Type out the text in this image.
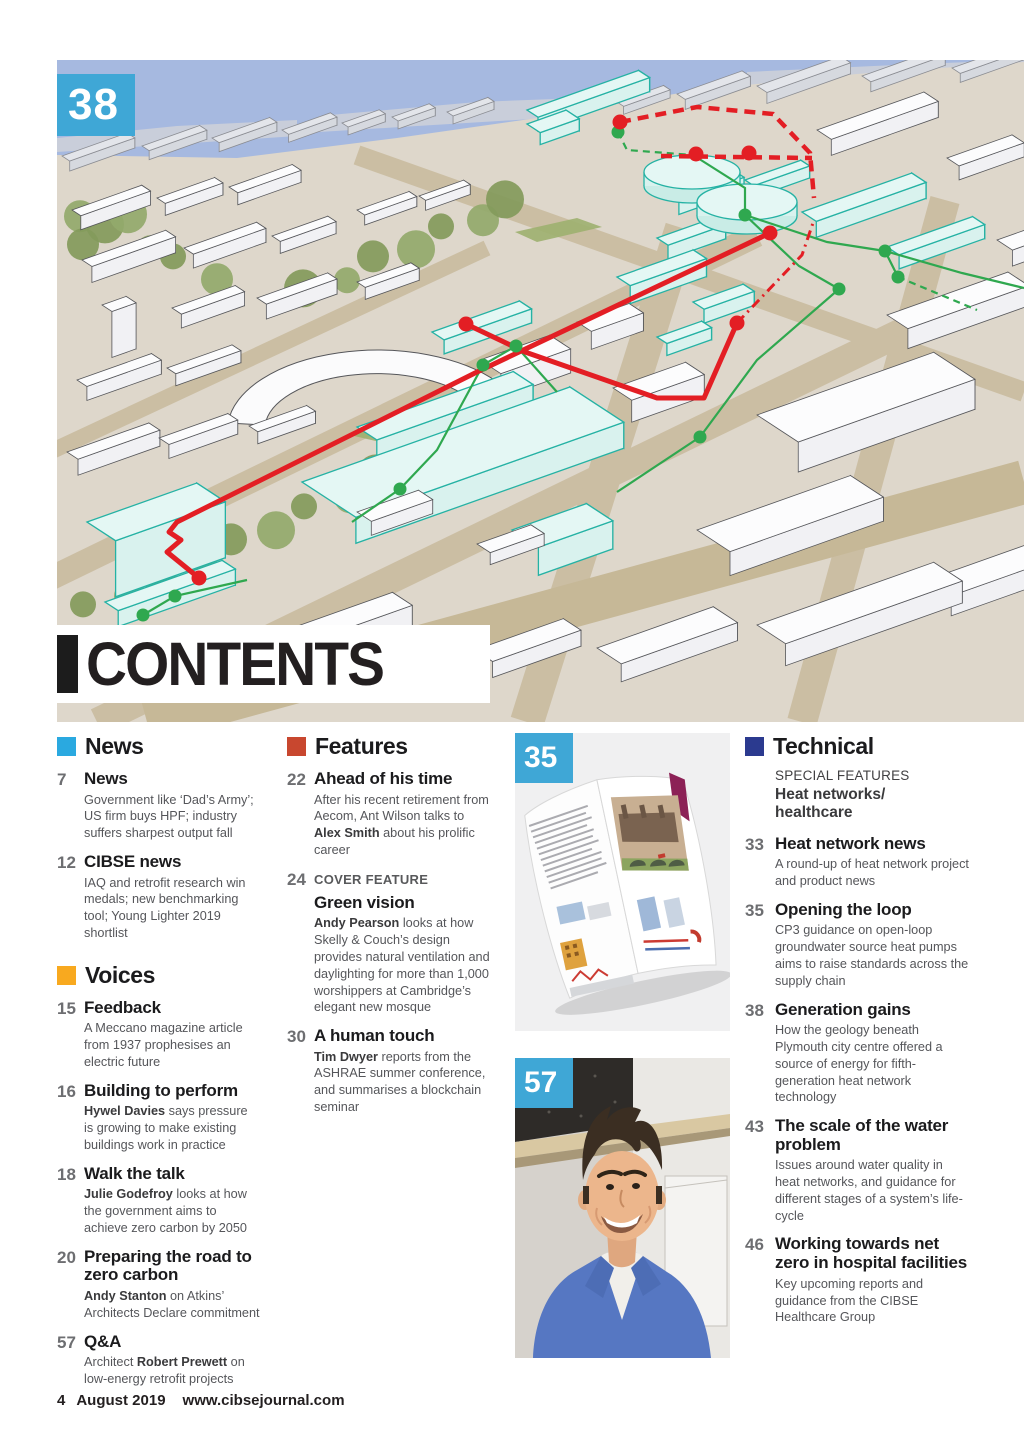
38
CONTENTS
News
7	News

Government like ‘Dad’s Army’; US firm buys HPF; industry suffers sharpest output fall

12 CIBSE news

IAQ and retrofit research win medals; new benchmarking tool; Young Lighter 2019 shortlist

Voices
15 Feedback

A Meccano magazine article from 1937 prophesises an electric future

16 Building to perform

Hywel Davies says pressure is growing to make existing buildings work in practice

18 Walk the talk

Julie Godefroy looks at how the government aims to achieve zero carbon by 2050

20 Preparing the road to zero carbon

Andy Stanton on Atkins’ Architects Declare commitment

57 Q&A

Architect Robert Prewett on low-energy retrofit projects

Features
22 Ahead of his time

After his recent retirement from Aecom, Ant Wilson talks to Alex Smith about his prolific career

24 COVER FEATURE
Green vision

Andy Pearson looks at how Skelly & Couch’s design provides natural ventilation and daylighting for more than 1,000 worshippers at Cambridge’s elegant new mosque

30 A human touch

Tim Dwyer reports from the ASHRAE summer conference, and summarises a blockchain seminar

35
57
Technical
SPECIAL FEATURES
Heat networks/
healthcare
33 Heat network news

A round-up of heat network project and product news

35 Opening the loop

CP3 guidance on open-loop groundwater source heat pumps aims to raise standards across the supply chain

38 Generation gains

How the geology beneath Plymouth city centre offered a source of energy for fifth-generation heat network technology

43 The scale of the water problem

Issues around water quality in heat networks, and guidance for different stages of a system’s life-cycle

46 Working towards net zero in hospital facilities

Key upcoming reports and guidance from the CIBSE Healthcare Group

4 August 2019 www.cibsejournal.com
